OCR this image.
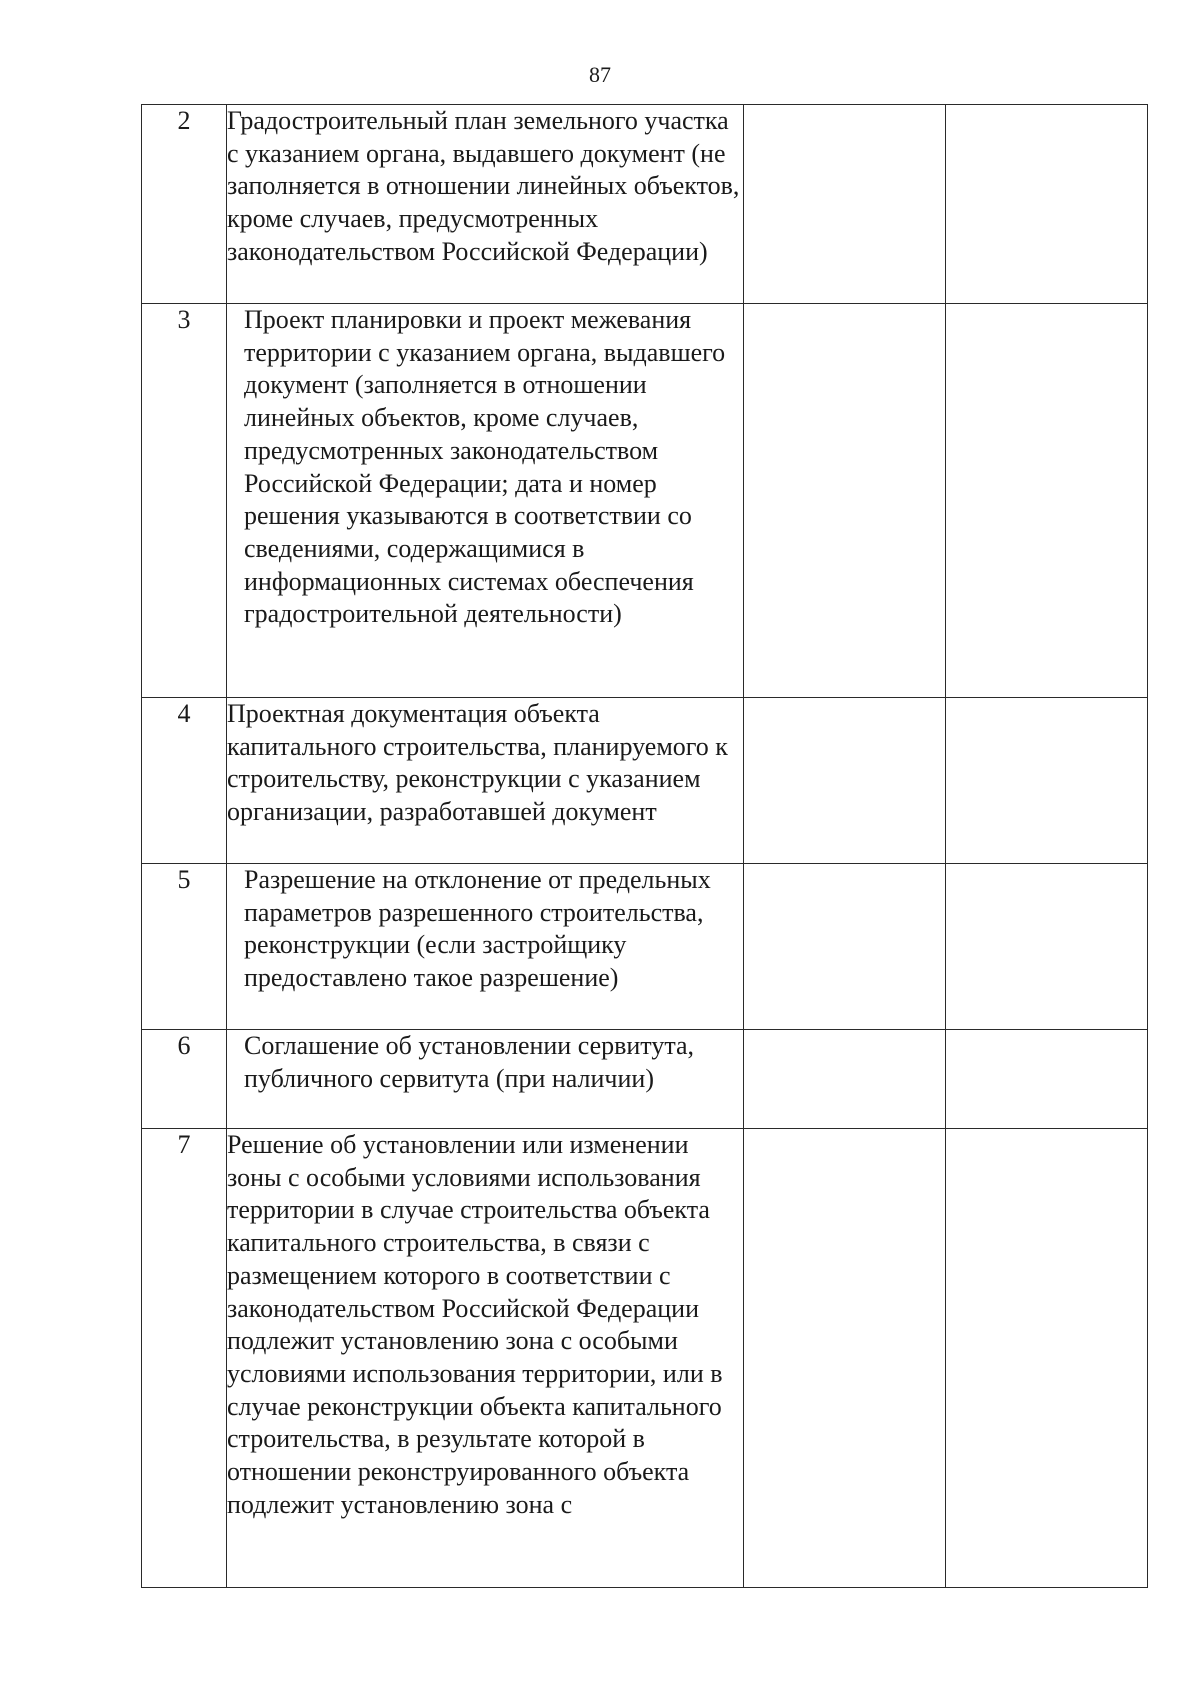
87
2	Градостроительный план земельного участка с указанием органа, выдавшего документ (не заполняется в отношении линейных объектов, кроме случаев, предусмотренных законодательством Российской Федерации)		

3	Проект планировки и проект межевания территории с указанием органа, выдавшего документ (заполняется в отношении линейных объектов, кроме случаев, предусмотренных законодательством Российской Федерации; дата и номер решения указываются в соответствии со сведениями, содержащимися в информационных системах обеспечения градостроительной деятельности)		

4	Проектная документация объекта капитального строительства, планируемого к строительству, реконструкции с указанием организации, разработавшей документ		

5	Разрешение на отклонение от предельных параметров разрешенного строительства, реконструкции (если застройщику предоставлено такое разрешение)		

6	Соглашение об установлении сервитута, публичного сервитута (при наличии)		

7	Решение об установлении или изменении зоны с особыми условиями использования территории в случае строительства объекта капитального строительства, в связи с размещением которого в соответствии с законодательством Российской Федерации подлежит установлению зона с особыми условиями использования территории, или в случае реконструкции объекта капитального строительства, в результате которой в отношении реконструированного объекта подлежит установлению зона с		
